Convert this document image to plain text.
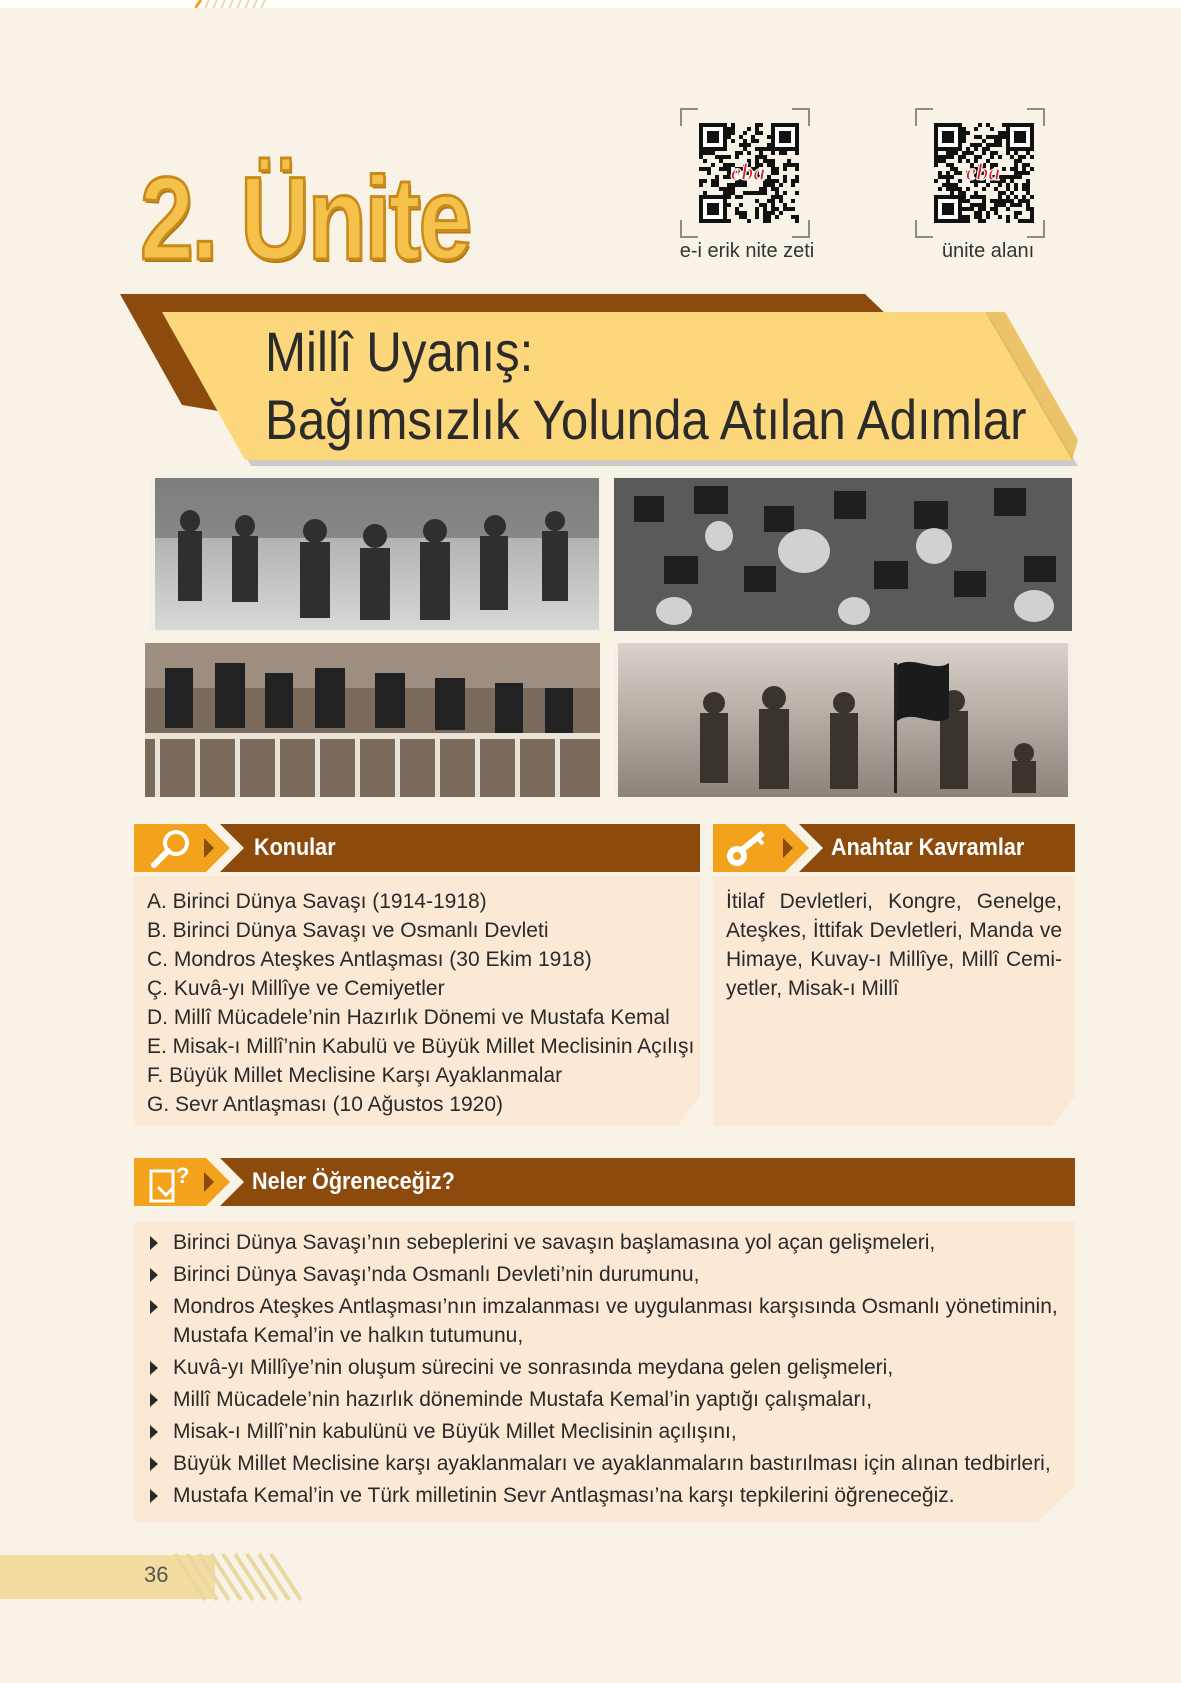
2. Ünite	eba
e-i erik nite zeti
eba
ünite alanı
Millî Uyanış:
Bağımsızlık Yolunda Atılan Adımlar
Konular
A. Birinci Dünya Savaşı (1914-1918)
B. Birinci Dünya Savaşı ve Osmanlı Devleti
C. Mondros Ateşkes Antlaşması (30 Ekim 1918)
Ç. Kuvâ-yı Millîye ve Cemiyetler
D. Millî Mücadele’nin Hazırlık Dönemi ve Mustafa Kemal
E. Misak-ı Millî’nin Kabulü ve Büyük Millet Meclisinin Açılışı
F. Büyük Millet Meclisine Karşı Ayaklanmalar
G. Sevr Antlaşması (10 Ağustos 1920)
Anahtar Kavramlar
İtilaf Devletleri, Kongre, Genelge, Ateşkes, İttifak Devletleri, Manda ve Himaye, Kuvay-ı Millîye, Millî Cemi-yetler, Misak-ı Millî
?	Neler Öğreneceğiz?
Birinci Dünya Savaşı’nın sebeplerini ve savaşın başlamasına yol açan gelişmeleri,
Birinci Dünya Savaşı’nda Osmanlı Devleti’nin durumunu,
Mondros Ateşkes Antlaşması’nın imzalanması ve uygulanması karşısında Osmanlı yönetiminin, Mustafa Kemal’in ve halkın tutumunu,
Kuvâ-yı Millîye’nin oluşum sürecini ve sonrasında meydana gelen gelişmeleri,
Millî Mücadele’nin hazırlık döneminde Mustafa Kemal’in yaptığı çalışmaları,
Misak-ı Millî’nin kabulünü ve Büyük Millet Meclisinin açılışını,
Büyük Millet Meclisine karşı ayaklanmaları ve ayaklanmaların bastırılması için alınan tedbirleri,
Mustafa Kemal’in ve Türk milletinin Sevr Antlaşması’na karşı tepkilerini öğreneceğiz.
36
